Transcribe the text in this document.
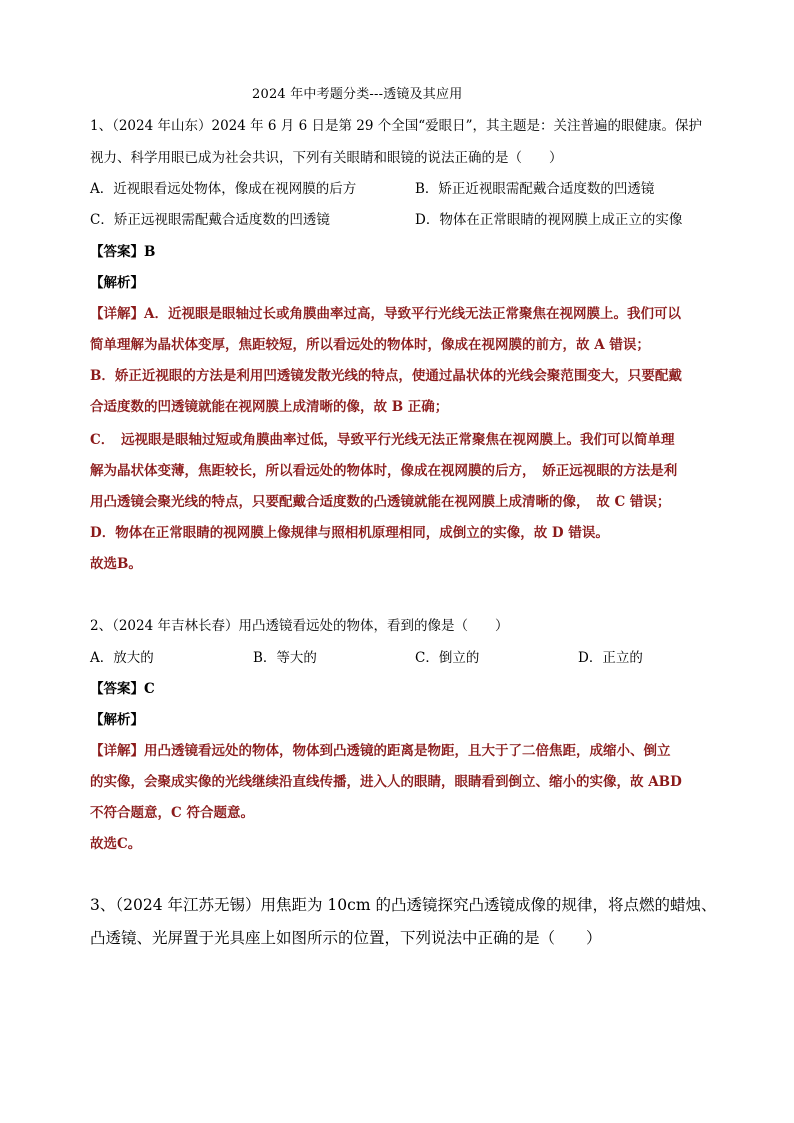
2024 年中考题分类---透镜及其应用
1、（2024 年山东）2024 年 6 月 6 日是第 29 个全国“爱眼日”，其主题是：关注普遍的眼健康。保护
视力、科学用眼已成为社会共识，下列有关眼睛和眼镜的说法正确的是（　　）
A．近视眼看远处物体，像成在视网膜的后方	B．矫正近视眼需配戴合适度数的凹透镜
C．矫正远视眼需配戴合适度数的凹透镜	D．物体在正常眼睛的视网膜上成正立的实像
【答案】B
【解析】
【详解】A．近视眼是眼轴过长或角膜曲率过高，导致平行光线无法正常聚焦在视网膜上。我们可以
简单理解为晶状体变厚，焦距较短，所以看远处的物体时，像成在视网膜的前方，故 A 错误；
B．娇正近视眼的方法是利用凹透镜发散光线的特点，使通过晶状体的光线会聚范围变大，只要配戴
合适度数的凹透镜就能在视网膜上成清晰的像，故 B 正确；
C．　远视眼是眼轴过短或角膜曲率过低，导致平行光线无法正常聚焦在视网膜上。我们可以简单理
解为晶状体变薄，焦距较长，所以看远处的物体时，像成在视网膜的后方，　娇正远视眼的方法是利
用凸透镜会聚光线的特点，只要配戴合适度数的凸透镜就能在视网膜上成清晰的像，　故 C 错误；
D．物体在正常眼睛的视网膜上像规律与照相机原理相同，成倒立的实像，故 D 错误。
故选B。
2、（2024 年吉林长春）用凸透镜看远处的物体，看到的像是（　　）
A．放大的	B．等大的	C．倒立的	D．正立的
【答案】C
【解析】
【详解】用凸透镜看远处的物体，物体到凸透镜的距离是物距，且大于了二倍焦距，成缩小、倒立
的实像，会聚成实像的光线继续沿直线传播，进入人的眼睛，眼睛看到倒立、缩小的实像，故 ABD
不符合题意，C 符合题意。
故选C。
3、（2024 年江苏无锡）用焦距为 10cm 的凸透镜探究凸透镜成像的规律，将点燃的蜡烛、
凸透镜、光屏置于光具座上如图所示的位置，下列说法中正确的是（　　）
